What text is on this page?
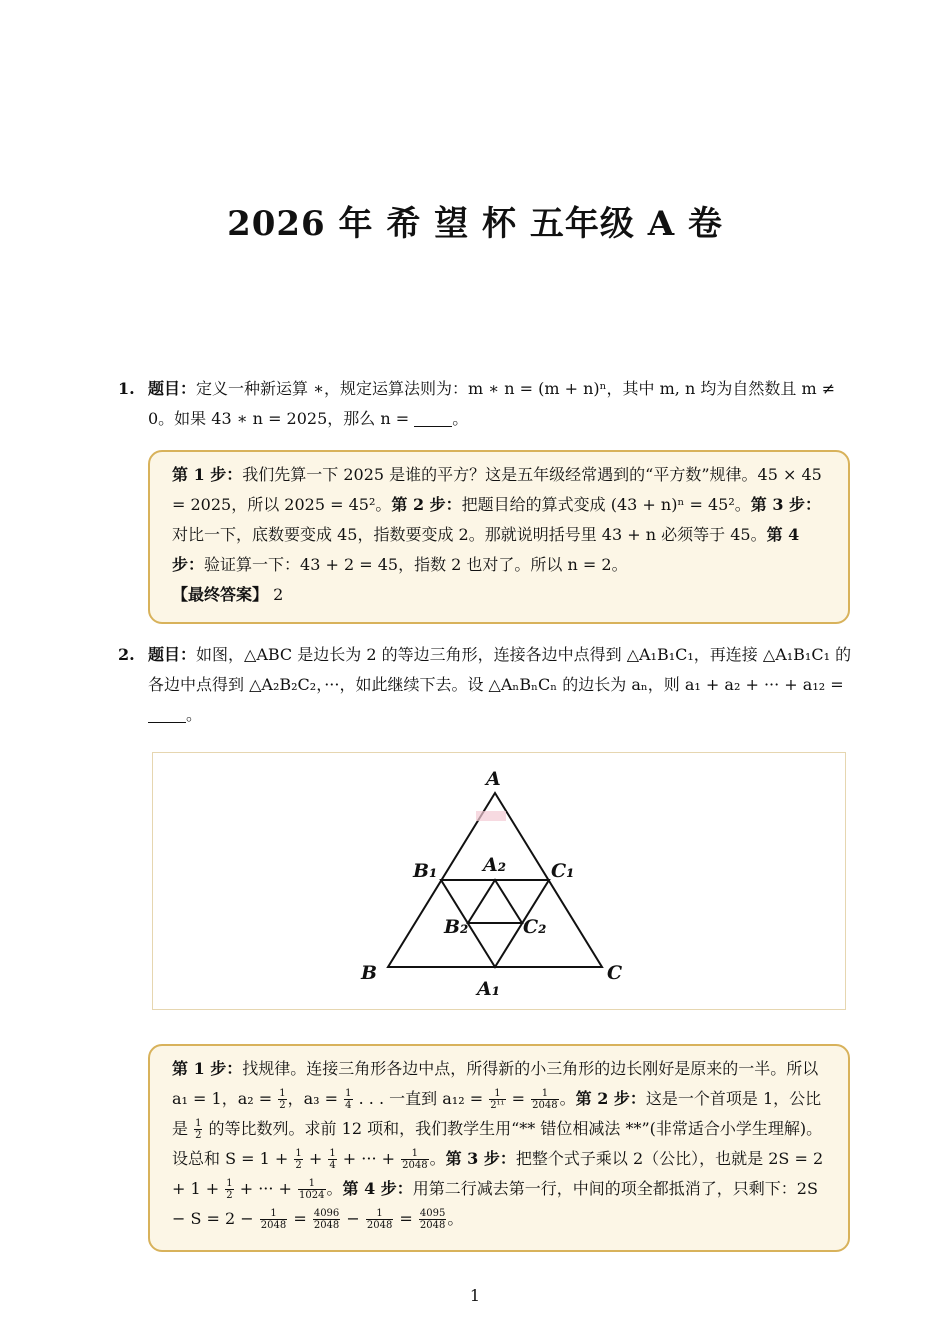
2026 年 希 望 杯 五年级 A 卷
1. 题目：定义一种新运算 ∗，规定运算法则为：m ∗ n = (m + n)ⁿ，其中 m, n 均为自然数且 m ≠ 0。如果 43 ∗ n = 2025，那么 n = 。
第 1 步：我们先算一下 2025 是谁的平方？这是五年级经常遇到的“平方数”规律。45 × 45 = 2025，所以 2025 = 45²。第 2 步：把题目给的算式变成 (43 + n)ⁿ = 45²。第 3 步：对比一下，底数要变成 45，指数要变成 2。那就说明括号里 43 + n 必须等于 45。第 4 步：验证算一下：43 + 2 = 45，指数 2 也对了。所以 n = 2。
【最终答案】 2
2. 题目：如图，△ABC 是边长为 2 的等边三角形，连接各边中点得到 △A₁B₁C₁，再连接 △A₁B₁C₁ 的各边中点得到 △A₂B₂C₂，···，如此继续下去。设 △AₙBₙCₙ 的边长为 aₙ，则 a₁ + a₂ + ··· + a₁₂ = 。
A
B	C
A₁
B₁	C₁
A₂
B₂	C₂
第 1 步：找规律。连接三角形各边中点，所得新的小三角形的边长刚好是原来的一半。所以 a₁ = 1，$a_2 = \frac{1}{2}$ ，$a_3 = \frac{1}{4}$ . . . 一直到 $a_{12} = \frac{1}{\text{2¹¹}} = \frac{1}{2048}$ 。第 2 步：这是一个首项是 1，公比是 $\frac{1}{2}$ 的等比数列。求前 12 项和，我们教学生用“** 错位相减法 **”(非常适合小学生理解)。设总和 $S = 1 + \frac{1}{2} + \frac{1}{4}$ + ··· + $\frac{1}{2048}$ 。第 3 步：把整个式子乘以 2（公比），也就是 $2S = 2 + 1 + \frac{1}{2}$ + ··· + $\frac{1}{1024}$ 。第 4 步：用第二行减去第一行，中间的项全都抵消了，只剩下：$2S - S = 2 - \frac{1}{2048} = \frac{4096}{2048} - \frac{1}{2048} = \frac{4095}{2048}$ 。
1
